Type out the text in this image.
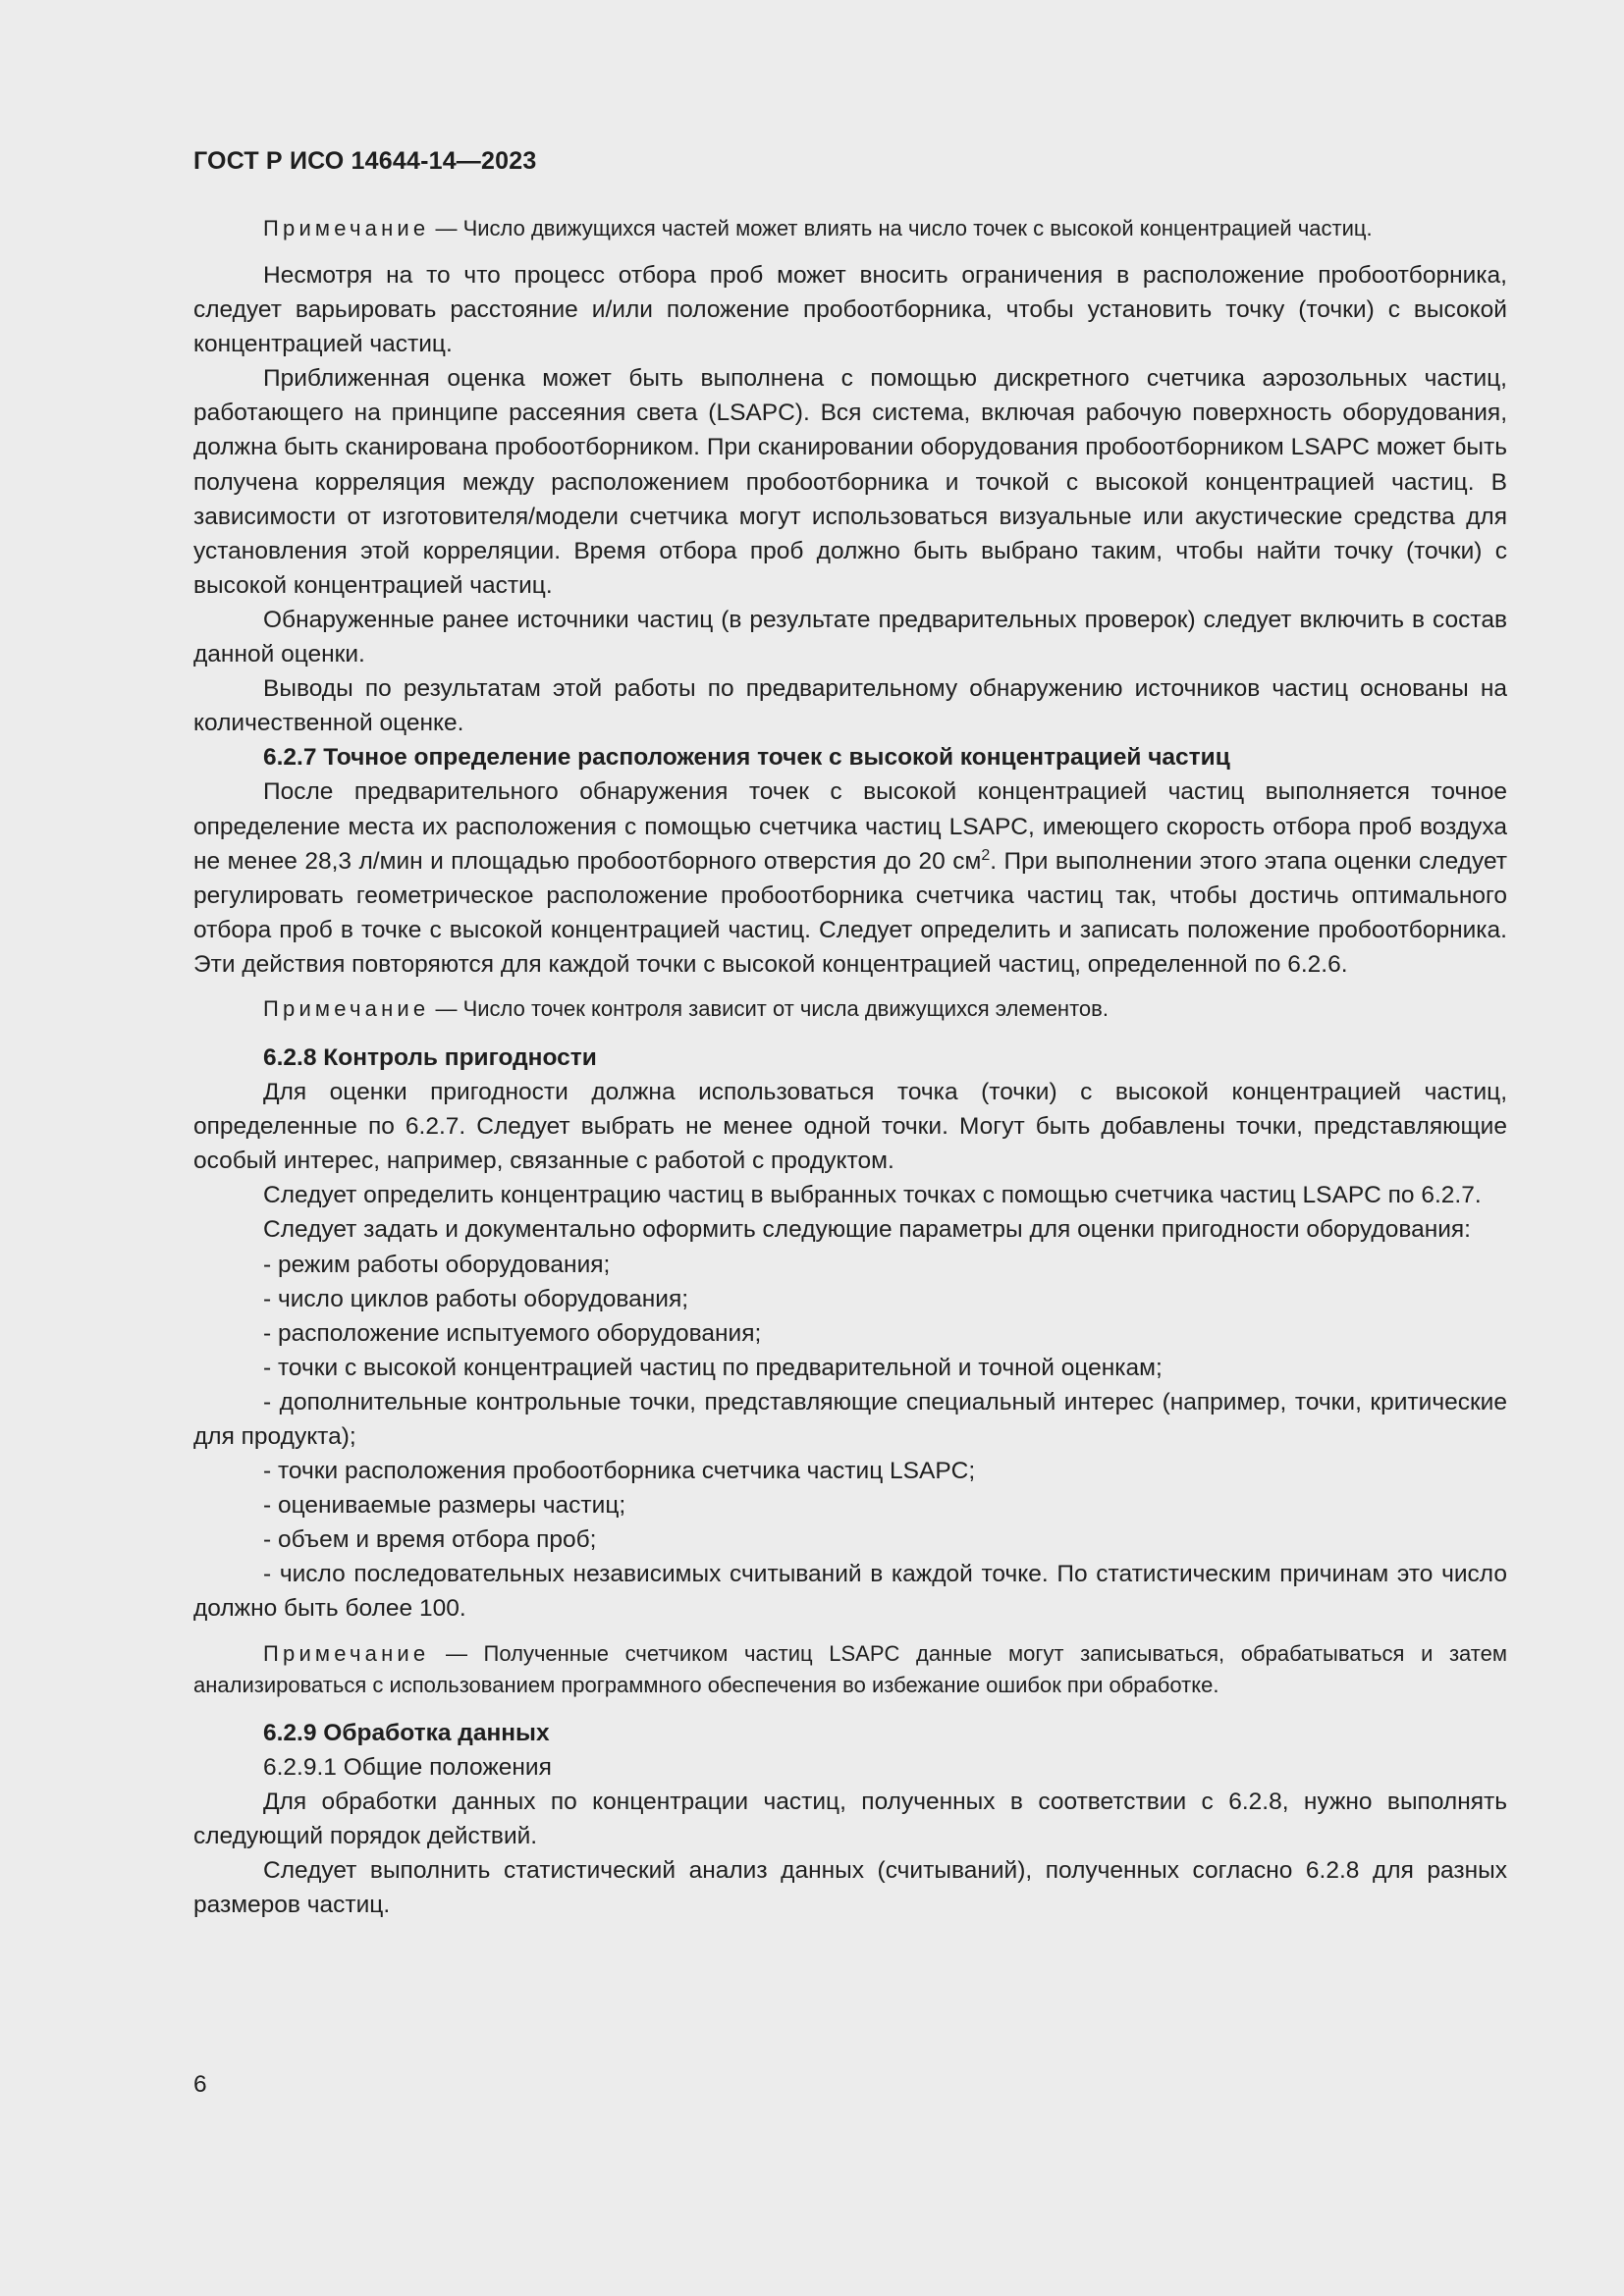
ГОСТ Р ИСО 14644-14—2023

Примечание — Число движущихся частей может влиять на число точек с высокой концентрацией частиц.

Несмотря на то что процесс отбора проб может вносить ограничения в расположение пробоотборника, следует варьировать расстояние и/или положение пробоотборника, чтобы установить точку (точки) с высокой концентрацией частиц.

Приближенная оценка может быть выполнена с помощью дискретного счетчика аэрозольных частиц, работающего на принципе рассеяния света (LSAPC). Вся система, включая рабочую поверхность оборудования, должна быть сканирована пробоотборником. При сканировании оборудования пробоотборником LSAPC может быть получена корреляция между расположением пробоотборника и точкой с высокой концентрацией частиц. В зависимости от изготовителя/модели счетчика могут использоваться визуальные или акустические средства для установления этой корреляции. Время отбора проб должно быть выбрано таким, чтобы найти точку (точки) с высокой концентрацией частиц.

Обнаруженные ранее источники частиц (в результате предварительных проверок) следует включить в состав данной оценки.

Выводы по результатам этой работы по предварительному обнаружению источников частиц основаны на количественной оценке.

6.2.7 Точное определение расположения точек с высокой концентрацией частиц

После предварительного обнаружения точек с высокой концентрацией частиц выполняется точное определение места их расположения с помощью счетчика частиц LSAPC, имеющего скорость отбора проб воздуха не менее 28,3 л/мин и площадью пробоотборного отверстия до 20 $см^2$. При выполнении этого этапа оценки следует регулировать геометрическое расположение пробоотборника счетчика частиц так, чтобы достичь оптимального отбора проб в точке с высокой концентрацией частиц. Следует определить и записать положение пробоотборника. Эти действия повторяются для каждой точки с высокой концентрацией частиц, определенной по 6.2.6.

Примечание — Число точек контроля зависит от числа движущихся элементов.

6.2.8 Контроль пригодности

Для оценки пригодности должна использоваться точка (точки) с высокой концентрацией частиц, определенные по 6.2.7. Следует выбрать не менее одной точки. Могут быть добавлены точки, представляющие особый интерес, например, связанные с работой с продуктом.

Следует определить концентрацию частиц в выбранных точках с помощью счетчика частиц LSAPC по 6.2.7.

Следует задать и документально оформить следующие параметры для оценки пригодности оборудования:

- режим работы оборудования;
- число циклов работы оборудования;
- расположение испытуемого оборудования;
- точки с высокой концентрацией частиц по предварительной и точной оценкам;
- дополнительные контрольные точки, представляющие специальный интерес (например, точки, критические для продукта);
- точки расположения пробоотборника счетчика частиц LSAPC;
- оцениваемые размеры частиц;
- объем и время отбора проб;
- число последовательных независимых считываний в каждой точке. По статистическим причинам это число должно быть более 100.

Примечание — Полученные счетчиком частиц LSAPC данные могут записываться, обрабатываться и затем анализироваться с использованием программного обеспечения во избежание ошибок при обработке.

6.2.9 Обработка данных
6.2.9.1 Общие положения

Для обработки данных по концентрации частиц, полученных в соответствии с 6.2.8, нужно выполнять следующий порядок действий.

Следует выполнить статистический анализ данных (считываний), полученных согласно 6.2.8 для разных размеров частиц.

6
